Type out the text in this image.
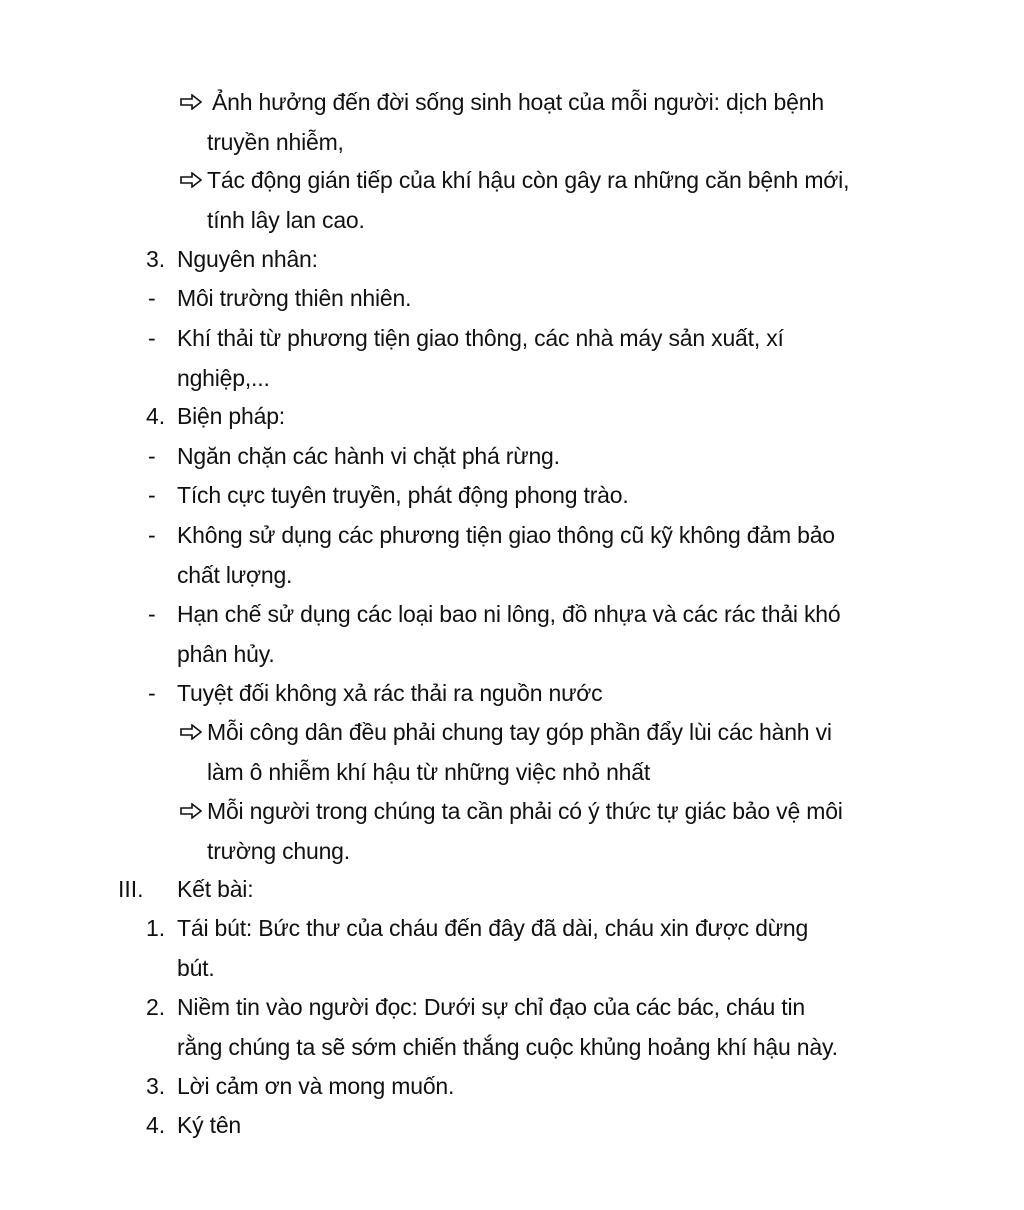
Ảnh hưởng đến đời sống sinh hoạt của mỗi người: dịch bệnh
truyền nhiễm,
Tác động gián tiếp của khí hậu còn gây ra những căn bệnh mới,
tính lây lan cao.
3. Nguyên nhân:
- Môi trường thiên nhiên.
- Khí thải từ phương tiện giao thông, các nhà máy sản xuất, xí
nghiệp,...
4. Biện pháp:
- Ngăn chặn các hành vi chặt phá rừng.
- Tích cực tuyên truyền, phát động phong trào.
- Không sử dụng các phương tiện giao thông cũ kỹ không đảm bảo
chất lượng.
- Hạn chế sử dụng các loại bao ni lông, đồ nhựa và các rác thải khó
phân hủy.
- Tuyệt đối không xả rác thải ra nguồn nước
Mỗi công dân đều phải chung tay góp phần đẩy lùi các hành vi
làm ô nhiễm khí hậu từ những việc nhỏ nhất
Mỗi người trong chúng ta cần phải có ý thức tự giác bảo vệ môi
trường chung.
III. Kết bài:
1. Tái bút: Bức thư của cháu đến đây đã dài, cháu xin được dừng
bút.
2. Niềm tin vào người đọc: Dưới sự chỉ đạo của các bác, cháu tin
rằng chúng ta sẽ sớm chiến thắng cuộc khủng hoảng khí hậu này.
3. Lời cảm ơn và mong muốn.
4. Ký tên
